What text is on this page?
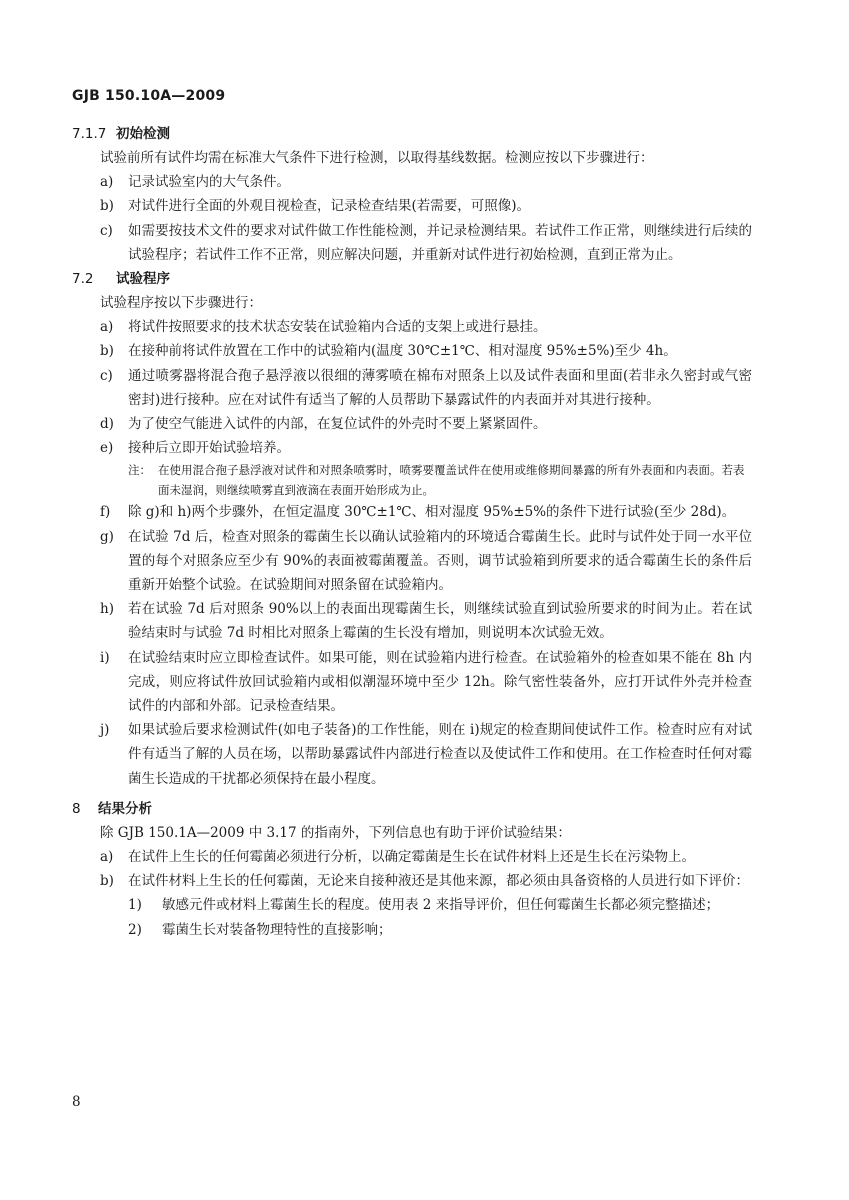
GJB 150.10A—2009
7.1.7 初始检测
试验前所有试件均需在标准大气条件下进行检测，以取得基线数据。检测应按以下步骤进行：
a)	记录试验室内的大气条件。
b)	对试件进行全面的外观目视检查，记录检查结果(若需要，可照像)。
c)	如需要按技术文件的要求对试件做工作性能检测，并记录检测结果。若试件工作正常，则继续进行后续的试验程序；若试件工作不正常，则应解决问题，并重新对试件进行初始检测，直到正常为止。
7.2 试验程序
试验程序按以下步骤进行：
a)	将试件按照要求的技术状态安装在试验箱内合适的支架上或进行悬挂。
b)	在接种前将试件放置在工作中的试验箱内(温度 30℃±1℃、相对湿度 95%±5%)至少 4h。
c)	通过喷雾器将混合孢子悬浮液以很细的薄雾喷在棉布对照条上以及试件表面和里面(若非永久密封或气密密封)进行接种。应在对试件有适当了解的人员帮助下暴露试件的内表面并对其进行接种。
d)	为了使空气能进入试件的内部，在复位试件的外壳时不要上紧紧固件。
e)	接种后立即开始试验培养。
注： 在使用混合孢子悬浮液对试件和对照条喷雾时，喷雾要覆盖试件在使用或维修期间暴露的所有外表面和内表面。若表面未湿润，则继续喷雾直到液滴在表面开始形成为止。
f)	除 g)和 h)两个步骤外，在恒定温度 30℃±1℃、相对湿度 95%±5%的条件下进行试验(至少 28d)。
g)	在试验 7d 后，检查对照条的霉菌生长以确认试验箱内的环境适合霉菌生长。此时与试件处于同一水平位置的每个对照条应至少有 90%的表面被霉菌覆盖。否则，调节试验箱到所要求的适合霉菌生长的条件后重新开始整个试验。在试验期间对照条留在试验箱内。
h)	若在试验 7d 后对照条 90%以上的表面出现霉菌生长，则继续试验直到试验所要求的时间为止。若在试验结束时与试验 7d 时相比对照条上霉菌的生长没有增加，则说明本次试验无效。
i)	在试验结束时应立即检查试件。如果可能，则在试验箱内进行检查。在试验箱外的检查如果不能在 8h 内完成，则应将试件放回试验箱内或相似潮湿环境中至少 12h。除气密性装备外，应打开试件外壳并检查试件的内部和外部。记录检查结果。
j)	如果试验后要求检测试件(如电子装备)的工作性能，则在 i)规定的检查期间使试件工作。检查时应有对试件有适当了解的人员在场，以帮助暴露试件内部进行检查以及使试件工作和使用。在工作检查时任何对霉菌生长造成的干扰都必须保持在最小程度。
8 结果分析
除 GJB 150.1A—2009 中 3.17 的指南外，下列信息也有助于评价试验结果：
a)	在试件上生长的任何霉菌必须进行分析，以确定霉菌是生长在试件材料上还是生长在污染物上。
b)	在试件材料上生长的任何霉菌，无论来自接种液还是其他来源，都必须由具备资格的人员进行如下评价：
1)	敏感元件或材料上霉菌生长的程度。使用表 2 来指导评价，但任何霉菌生长都必须完整描述；
2)	霉菌生长对装备物理特性的直接影响；
8
